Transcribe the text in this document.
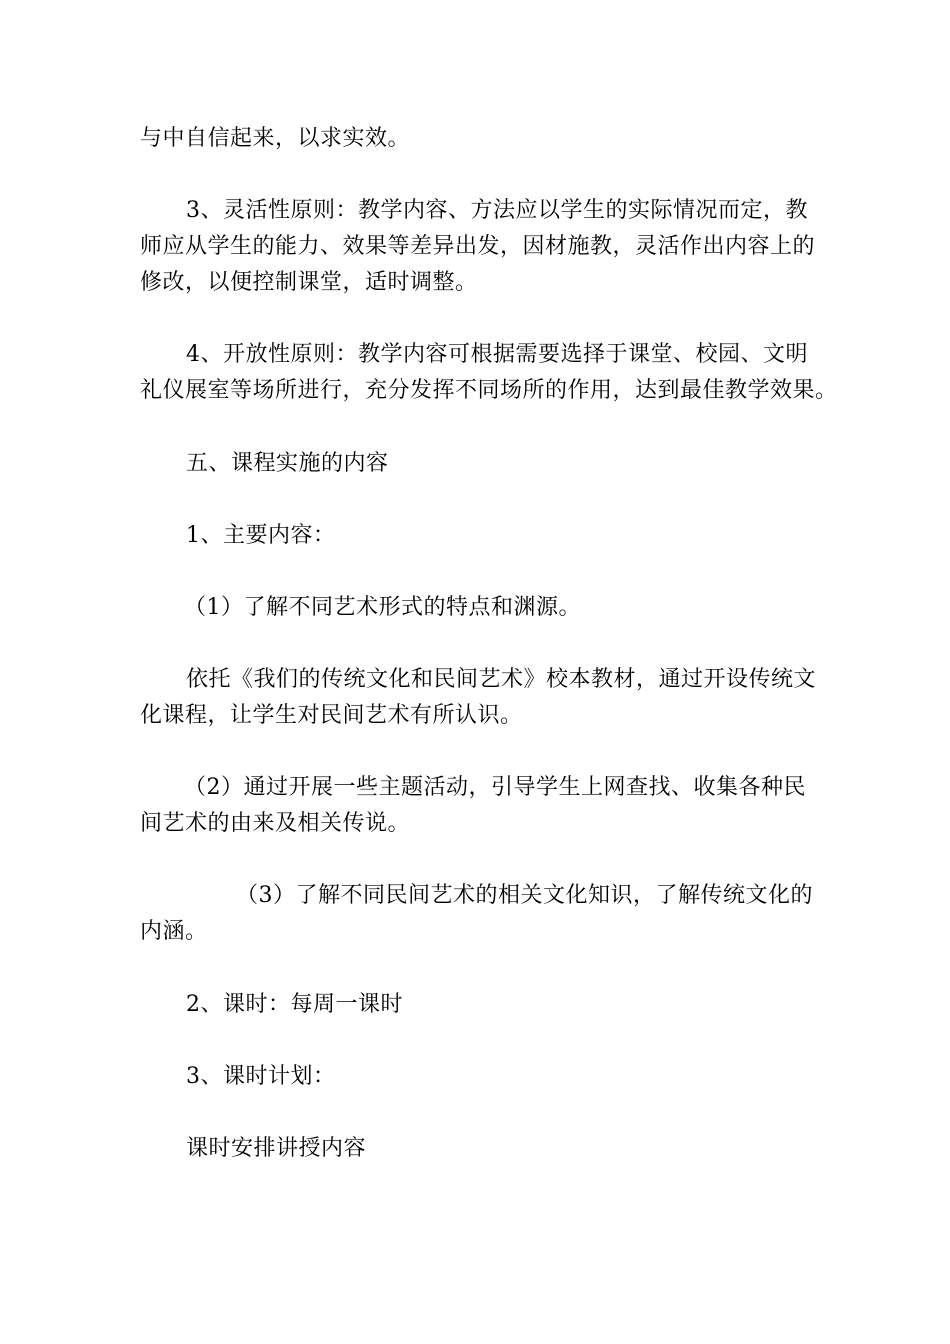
与中自信起来，以求实效。
3、灵活性原则：教学内容、方法应以学生的实际情况而定，教
师应从学生的能力、效果等差异出发，因材施教，灵活作出内容上的
修改，以便控制课堂，适时调整。
4、开放性原则：教学内容可根据需要选择于课堂、校园、文明
礼仪展室等场所进行，充分发挥不同场所的作用，达到最佳教学效果。
五、课程实施的内容
1、主要内容：
（1）了解不同艺术形式的特点和渊源。
依托《我们的传统文化和民间艺术》校本教材，通过开设传统文
化课程，让学生对民间艺术有所认识。
（2）通过开展一些主题活动，引导学生上网查找、收集各种民
间艺术的由来及相关传说。
（3）了解不同民间艺术的相关文化知识，了解传统文化的
内涵。
2、课时：每周一课时
3、课时计划：
课时安排讲授内容
